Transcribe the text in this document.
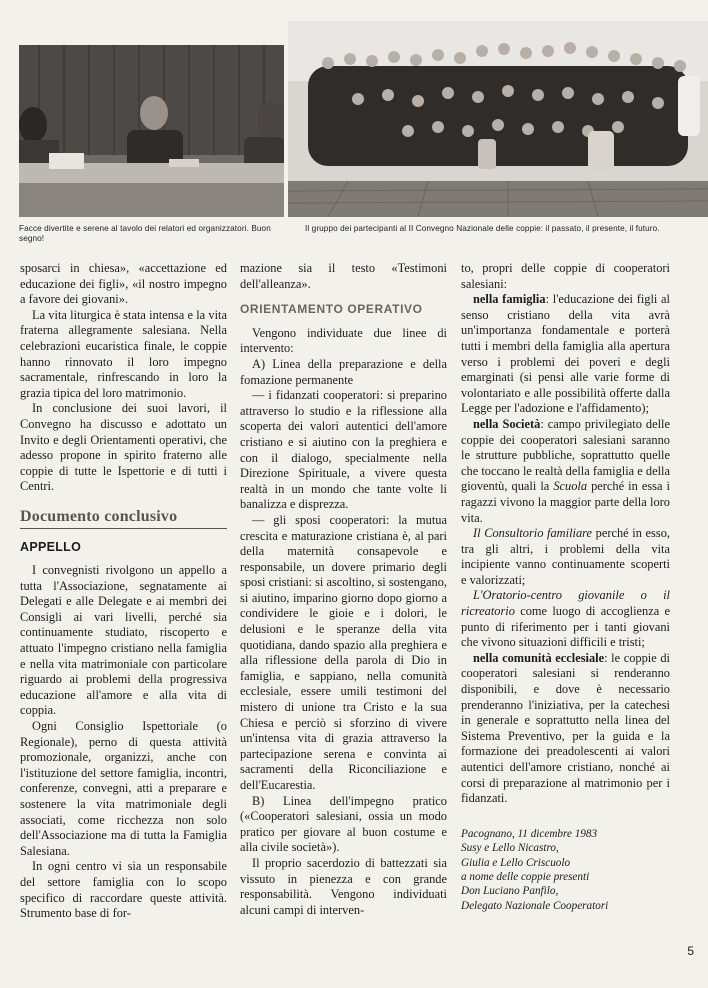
Facce divertite e serene al tavolo dei relatori ed organizzatori. Buon segno!
Il gruppo dei partecipanti al II Convegno Nazionale delle coppie: il passato, il presente, il futuro.

sposarci in chiesa», «accettazione ed educazione dei figli», «il nostro impegno a favore dei giovani».

La vita liturgica è stata intensa e la vita fraterna allegramente salesiana. Nella celebrazioni eucaristica finale, le coppie hanno rinnovato il loro impegno sacramentale, rinfrescando in loro la grazia tipica del loro matrimonio.

In conclusione dei suoi lavori, il Convegno ha discusso e adottato un Invito e degli Orientamenti operativi, che adesso propone in spirito fraterno alle coppie di tutte le Ispettorie e di tutti i Centri.

Documento conclusivo
APPELLO

I convegnisti rivolgono un appello a tutta l'Associazione, segnatamente ai Delegati e alle Delegate e ai membri dei Consigli ai vari livelli, perché sia continuamente studiato, riscoperto e attuato l'impegno cristiano nella famiglia e nella vita matrimoniale con particolare riguardo ai problemi della progressiva educazione all'amore e alla vita di coppia.

Ogni Consiglio Ispettoriale (o Regionale), perno di questa attività promozionale, organizzi, anche con l'istituzione del settore famiglia, incontri, conferenze, convegni, atti a preparare e sostenere la vita matrimoniale degli associati, come ricchezza non solo dell'Associazione ma di tutta la Famiglia Salesiana.

In ogni centro vi sia un responsabile del settore famiglia con lo scopo specifico di raccordare queste attività. Strumento base di for-

mazione sia il testo «Testimoni dell'alleanza».

ORIENTAMENTO OPERATIVO

Vengono individuate due linee di intervento:

A) Linea della preparazione e della fomazione permanente

— i fidanzati cooperatori: si preparino attraverso lo studio e la riflessione alla scoperta dei valori autentici dell'amore cristiano e si aiutino con la preghiera e con il dialogo, specialmente nella Direzione Spirituale, a vivere questa realtà in un mondo che tante volte li banalizza e disprezza.

— gli sposi cooperatori: la mutua crescita e maturazione cristiana è, al pari della maternità consapevole e responsabile, un dovere primario degli sposi cristiani: si ascoltino, si sostengano, si aiutino, imparino giorno dopo giorno a condividere le gioie e i dolori, le delusioni e le speranze della vita quotidiana, dando spazio alla preghiera e alla riflessione della parola di Dio in famiglia, e sappiano, nella comunità ecclesiale, essere umili testimoni del mistero di unione tra Cristo e la sua Chiesa e perciò si sforzino di vivere un'intensa vita di grazia attraverso la partecipazione serena e convinta ai sacramenti della Riconciliazione e dell'Eucarestia.

B) Linea dell'impegno pratico («Cooperatori salesiani, ossia un modo pratico per giovare al buon costume e alla civile società»).

Il proprio sacerdozio di battezzati sia vissuto in pienezza e con grande responsabilità. Vengono individuati alcuni campi di interven-

to, propri delle coppie di cooperatori salesiani:

nella famiglia: l'educazione dei figli al senso cristiano della vita avrà un'importanza fondamentale e porterà tutti i membri della famiglia alla apertura verso i problemi dei poveri e degli emarginati (si pensi alle varie forme di volontariato e alle possibilità offerte dalla Legge per l'adozione e l'affidamento);

nella Società: campo privilegiato delle coppie dei cooperatori salesiani saranno le strutture pubbliche, soprattutto quelle che toccano le realtà della famiglia e della gioventù, quali la Scuola perché in essa i ragazzi vivono la maggior parte della loro vita.

Il Consultorio familiare perché in esso, tra gli altri, i problemi della vita incipiente vanno continuamente scoperti e valorizzati;

L'Oratorio-centro giovanile o il ricreatorio come luogo di accoglienza e punto di riferimento per i tanti giovani che vivono situazioni difficili e tristi;

nella comunità ecclesiale: le coppie di cooperatori salesiani si renderanno disponibili, e dove è necessario prenderanno l'iniziativa, per la catechesi in generale e soprattutto nella linea del Sistema Preventivo, per la guida e la formazione dei preadolescenti ai valori autentici dell'amore cristiano, nonché ai corsi di preparazione al matrimonio per i fidanzati.

Pacognano, 11 dicembre 1983
Susy e Lello Nicastro,
Giulia e Lello Criscuolo
a nome delle coppie presenti
Don Luciano Panfilo,
Delegato Nazionale Cooperatori
5
